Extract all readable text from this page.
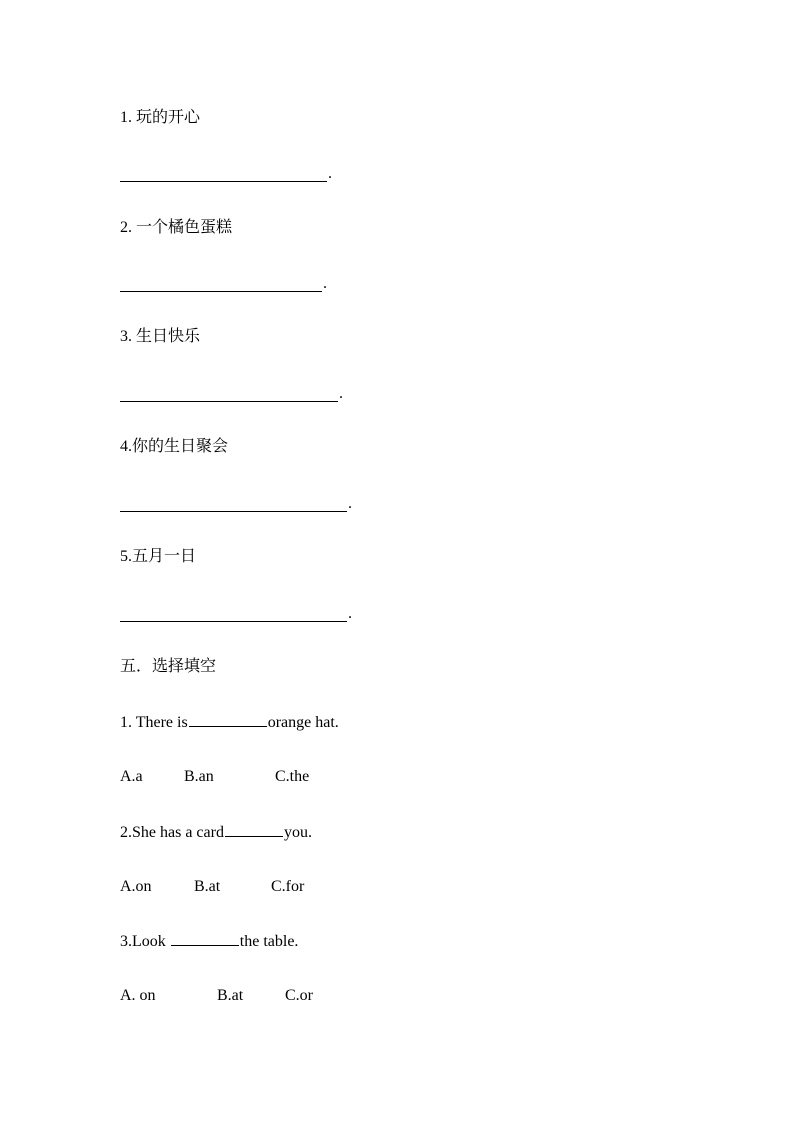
1. 玩的开心
.
2. 一个橘色蛋糕
.
3. 生日快乐
.
4.你的生日聚会
.
5.五月一日
.
五．选择填空
1. There is	orange hat.
A.a	B.an	C.the
2.She has a card	you.
A.on	B.at	C.for
3.Look	the table.
A. on	B.at	C.or
